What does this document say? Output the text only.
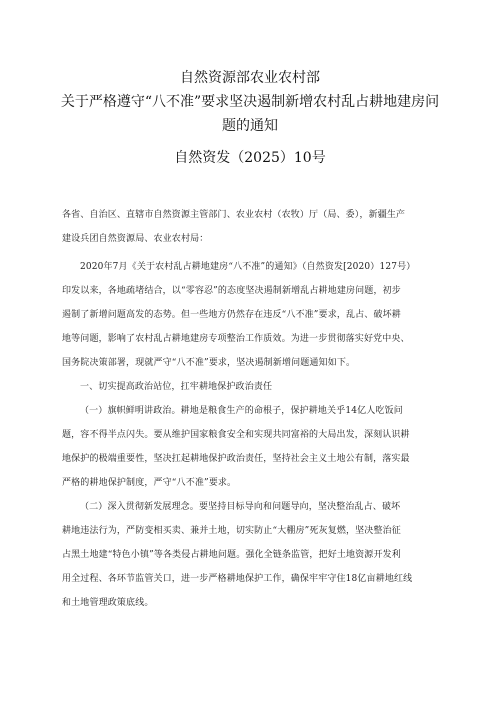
自然资源部农业农村部
关于严格遵守“八不准”要求坚决遏制新增农村乱占耕地建房问
题的通知
自然资发（2025）10号
各省、自治区、直辖市自然资源主管部门、农业农村（农牧）厅（局、委），新疆生产
建设兵团自然资源局、农业农村局：
2020年7月《关于农村乱占耕地建房“八不准”的通知》（自然资发[2020）127号）
印发以来，各地疏堵结合，以“零容忍”的态度坚决遏制新增乱占耕地建房问题，初步
遏制了新增问题高发的态势。但一些地方仍然存在违反“八不准”要求，乱占、破坏耕
地等问题，影响了农村乱占耕地建房专项整治工作质效。为进一步贯彻落实好党中央、
国务院决策部署，现就严守“八不准”要求，坚决遏制新增问题通知如下。
一、切实提高政治站位，扛牢耕地保护政治责任
（一）旗帜鲜明讲政治。耕地是粮食生产的命根子，保护耕地关乎14亿人吃饭问
题，容不得半点闪失。要从维护国家粮食安全和实现共同富裕的大局出发，深刻认识耕
地保护的极端重要性，坚决扛起耕地保护政治责任，坚持社会主义土地公有制，落实最
严格的耕地保护制度，严守“八不准”要求。
（二）深入贯彻新发展理念。要坚持目标导向和问题导向，坚决整治乱占、破坏
耕地违法行为，严防变相买卖、兼并土地，切实防止“大棚房”死灰复燃，坚决整治征
占黑土地建“特色小镇”等各类侵占耕地问题。强化全链条监管，把好土地资源开发利
用全过程、各环节监管关口，进一步严格耕地保护工作，确保牢牢守住18亿亩耕地红线
和土地管理政策底线。
